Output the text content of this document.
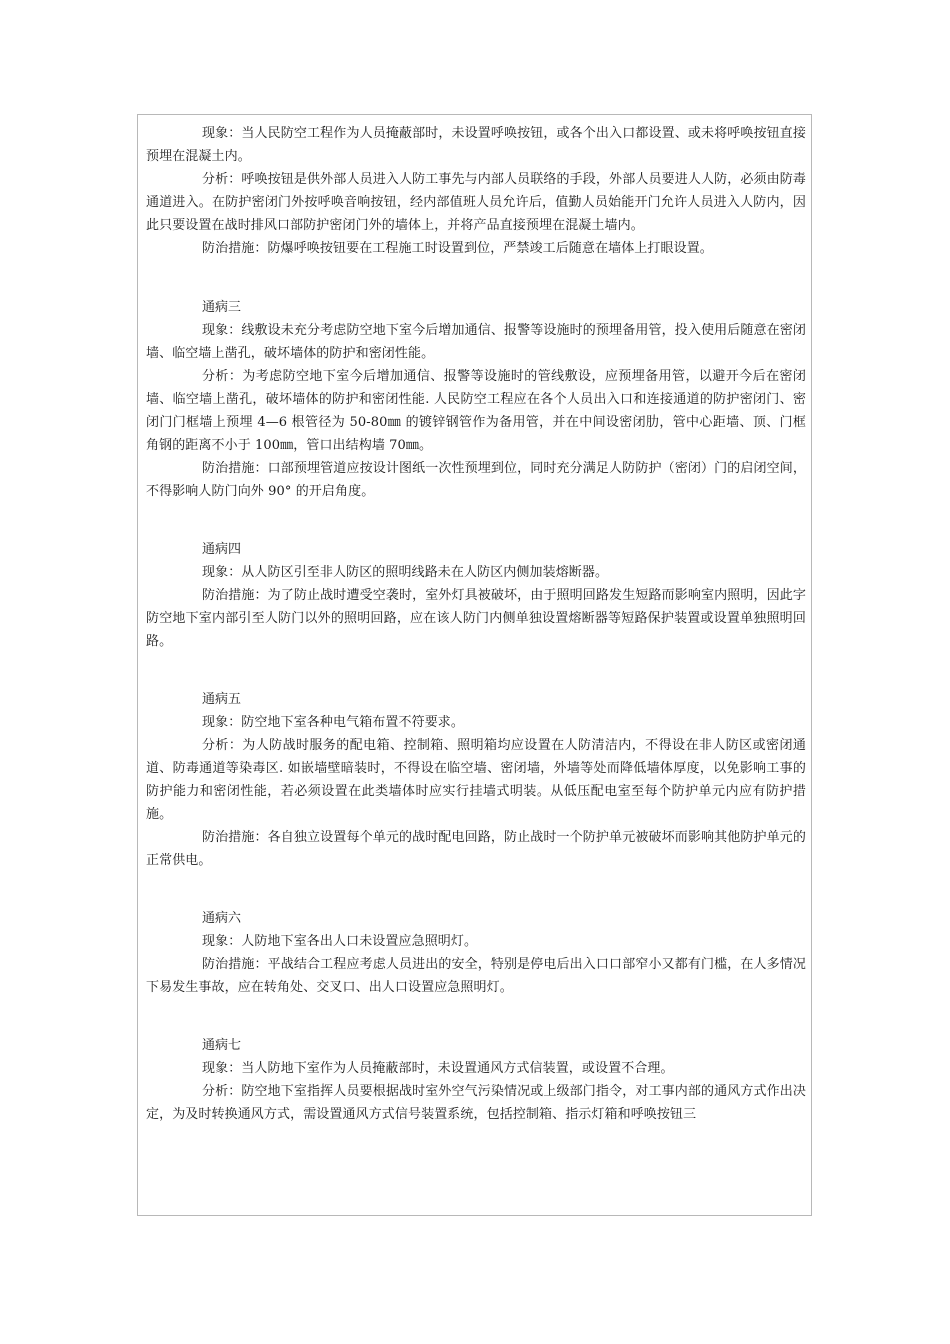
现象：当人民防空工程作为人员掩蔽部时，未设置呼唤按钮，或各个出入口都设置、或未将呼唤按钮直接预埋在混凝土内。

分析：呼唤按钮是供外部人员进入人防工事先与内部人员联络的手段，外部人员要进人人防，必须由防毒通道进入。在防护密闭门外按呼唤音响按钮，经内部值班人员允许后，值勤人员始能开门允许人员进入人防内，因此只要设置在战时排风口部防护密闭门外的墙体上，并将产品直接预埋在混凝土墙内。

防治措施：防爆呼唤按钮要在工程施工时设置到位，严禁竣工后随意在墙体上打眼设置。

通病三

现象：线敷设未充分考虑防空地下室今后增加通信、报警等设施时的预埋备用管，投入使用后随意在密闭墙、临空墙上凿孔，破坏墙体的防护和密闭性能。

分析：为考虑防空地下室今后增加通信、报警等设施时的管线敷设，应预埋备用管，以避开今后在密闭墙、临空墙上凿孔，破坏墙体的防护和密闭性能. 人民防空工程应在各个人员出入口和连接通道的防护密闭门、密闭门门框墙上预埋 4—6 根管径为 50-80㎜ 的镀锌钢管作为备用管，并在中间设密闭肋，管中心距墙、顶、门框角钢的距离不小于 100㎜，管口出结构墙 70㎜。

防治措施：口部预埋管道应按设计图纸一次性预埋到位，同时充分满足人防防护（密闭）门的启闭空间，不得影响人防门向外 90° 的开启角度。

通病四

现象：从人防区引至非人防区的照明线路未在人防区内侧加装熔断器。

防治措施：为了防止战时遭受空袭时，室外灯具被破坏，由于照明回路发生短路而影响室内照明，因此字防空地下室内部引至人防门以外的照明回路，应在该人防门内侧单独设置熔断器等短路保护装置或设置单独照明回路。

通病五

现象：防空地下室各种电气箱布置不符要求。

分析：为人防战时服务的配电箱、控制箱、照明箱均应设置在人防清洁内，不得设在非人防区或密闭通道、防毒通道等染毒区. 如嵌墙壁暗装时，不得设在临空墙、密闭墙，外墙等处而降低墙体厚度，以免影响工事的防护能力和密闭性能，若必须设置在此类墙体时应实行挂墙式明装。从低压配电室至每个防护单元内应有防护措施。

防治措施：各自独立设置每个单元的战时配电回路，防止战时一个防护单元被破坏而影响其他防护单元的正常供电。

通病六

现象：人防地下室各出人口未设置应急照明灯。

防治措施：平战结合工程应考虑人员进出的安全，特别是停电后出入口口部窄小又都有门槛，在人多情况下易发生事故，应在转角处、交叉口、出人口设置应急照明灯。

通病七

现象：当人防地下室作为人员掩蔽部时，未设置通风方式信装置，或设置不合理。

分析：防空地下室指挥人员要根据战时室外空气污染情况或上级部门指令，对工事内部的通风方式作出决定，为及时转换通风方式，需设置通风方式信号装置系统，包括控制箱、指示灯箱和呼唤按钮三
